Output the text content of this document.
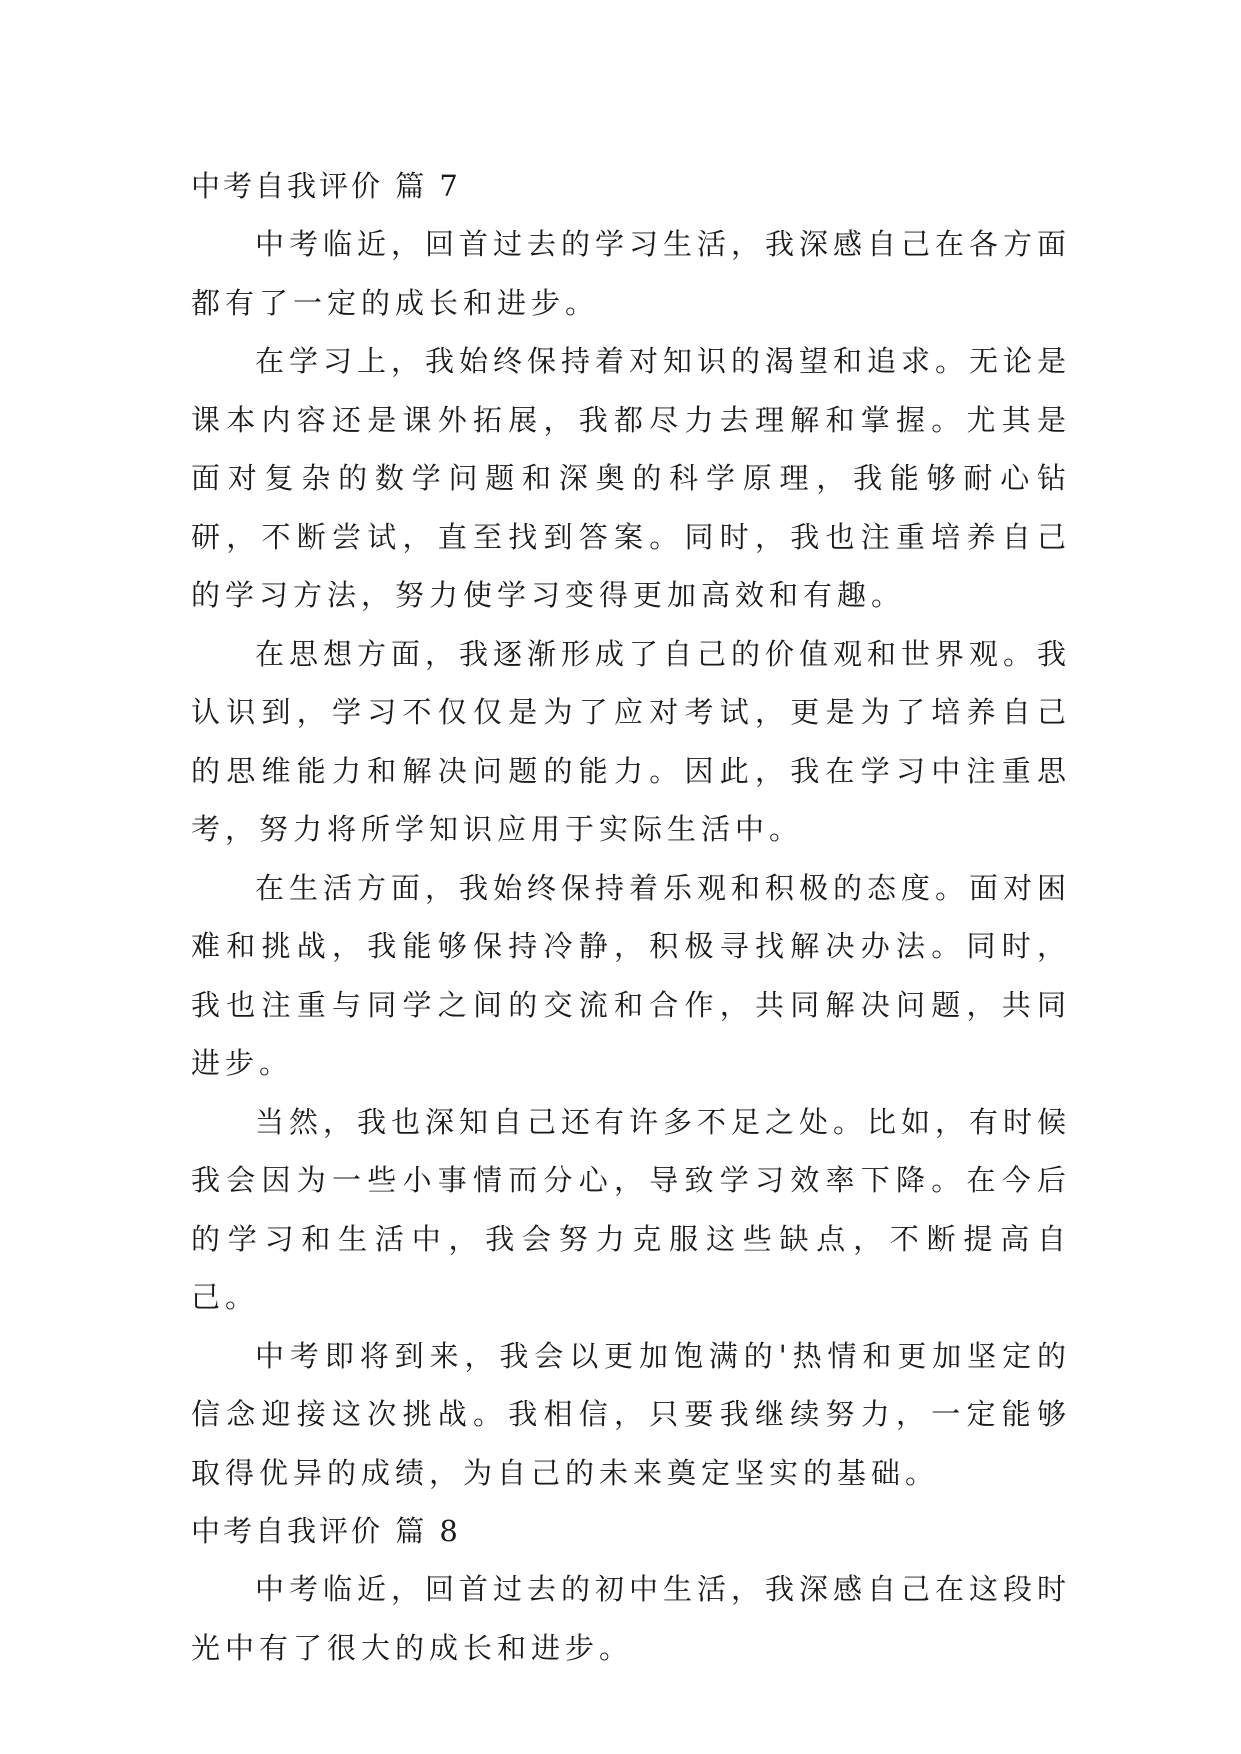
中考自我评价 篇 7

中考临近，回首过去的学习生活，我深感自己在各方面都有了一定的成长和进步。

在学习上，我始终保持着对知识的渴望和追求。无论是课本内容还是课外拓展，我都尽力去理解和掌握。尤其是面对复杂的数学问题和深奥的科学原理，我能够耐心钻研，不断尝试，直至找到答案。同时，我也注重培养自己的学习方法，努力使学习变得更加高效和有趣。

在思想方面，我逐渐形成了自己的价值观和世界观。我认识到，学习不仅仅是为了应对考试，更是为了培养自己的思维能力和解决问题的能力。因此，我在学习中注重思考，努力将所学知识应用于实际生活中。

在生活方面，我始终保持着乐观和积极的态度。面对困难和挑战，我能够保持冷静，积极寻找解决办法。同时，我也注重与同学之间的交流和合作，共同解决问题，共同进步。

当然，我也深知自己还有许多不足之处。比如，有时候我会因为一些小事情而分心，导致学习效率下降。在今后的学习和生活中，我会努力克服这些缺点，不断提高自己。

中考即将到来，我会以更加饱满的'热情和更加坚定的信念迎接这次挑战。我相信，只要我继续努力，一定能够取得优异的成绩，为自己的未来奠定坚实的基础。

中考自我评价 篇 8

中考临近，回首过去的初中生活，我深感自己在这段时光中有了很大的成长和进步。
